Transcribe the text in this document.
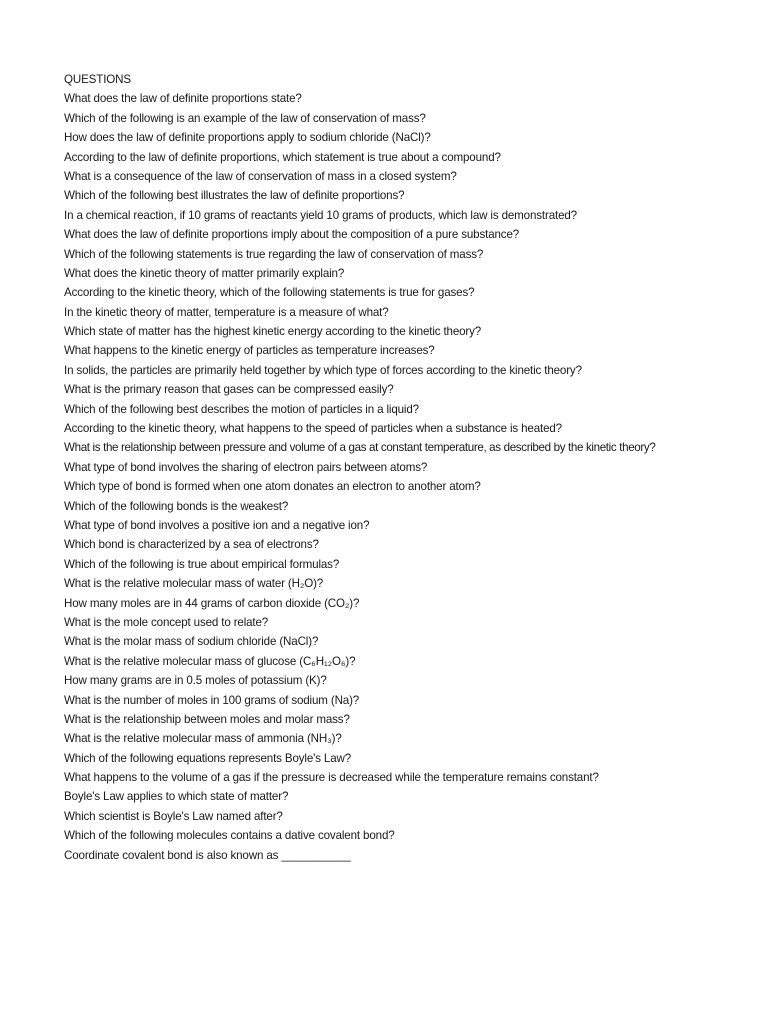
QUESTIONS
What does the law of definite proportions state?
Which of the following is an example of the law of conservation of mass?
How does the law of definite proportions apply to sodium chloride (NaCl)?
According to the law of definite proportions, which statement is true about a compound?
What is a consequence of the law of conservation of mass in a closed system?
Which of the following best illustrates the law of definite proportions?
In a chemical reaction, if 10 grams of reactants yield 10 grams of products, which law is demonstrated?
What does the law of definite proportions imply about the composition of a pure substance?
Which of the following statements is true regarding the law of conservation of mass?
What does the kinetic theory of matter primarily explain?
According to the kinetic theory, which of the following statements is true for gases?
In the kinetic theory of matter, temperature is a measure of what?
Which state of matter has the highest kinetic energy according to the kinetic theory?
What happens to the kinetic energy of particles as temperature increases?
In solids, the particles are primarily held together by which type of forces according to the kinetic theory?
What is the primary reason that gases can be compressed easily?
Which of the following best describes the motion of particles in a liquid?
According to the kinetic theory, what happens to the speed of particles when a substance is heated?
What is the relationship between pressure and volume of a gas at constant temperature, as described by the kinetic theory?
What type of bond involves the sharing of electron pairs between atoms?
Which type of bond is formed when one atom donates an electron to another atom?
Which of the following bonds is the weakest?
What type of bond involves a positive ion and a negative ion?
Which bond is characterized by a sea of electrons?
Which of the following is true about empirical formulas?
What is the relative molecular mass of water (H₂O)?
How many moles are in 44 grams of carbon dioxide (CO₂)?
What is the mole concept used to relate?
What is the molar mass of sodium chloride (NaCl)?
What is the relative molecular mass of glucose (C₆H₁₂O₆)?
How many grams are in 0.5 moles of potassium (K)?
What is the number of moles in 100 grams of sodium (Na)?
What is the relationship between moles and molar mass?
What is the relative molecular mass of ammonia (NH₃)?
Which of the following equations represents Boyle's Law?
What happens to the volume of a gas if the pressure is decreased while the temperature remains constant?
Boyle's Law applies to which state of matter?
Which scientist is Boyle's Law named after?
Which of the following molecules contains a dative covalent bond?
Coordinate covalent bond is also known as ___________
